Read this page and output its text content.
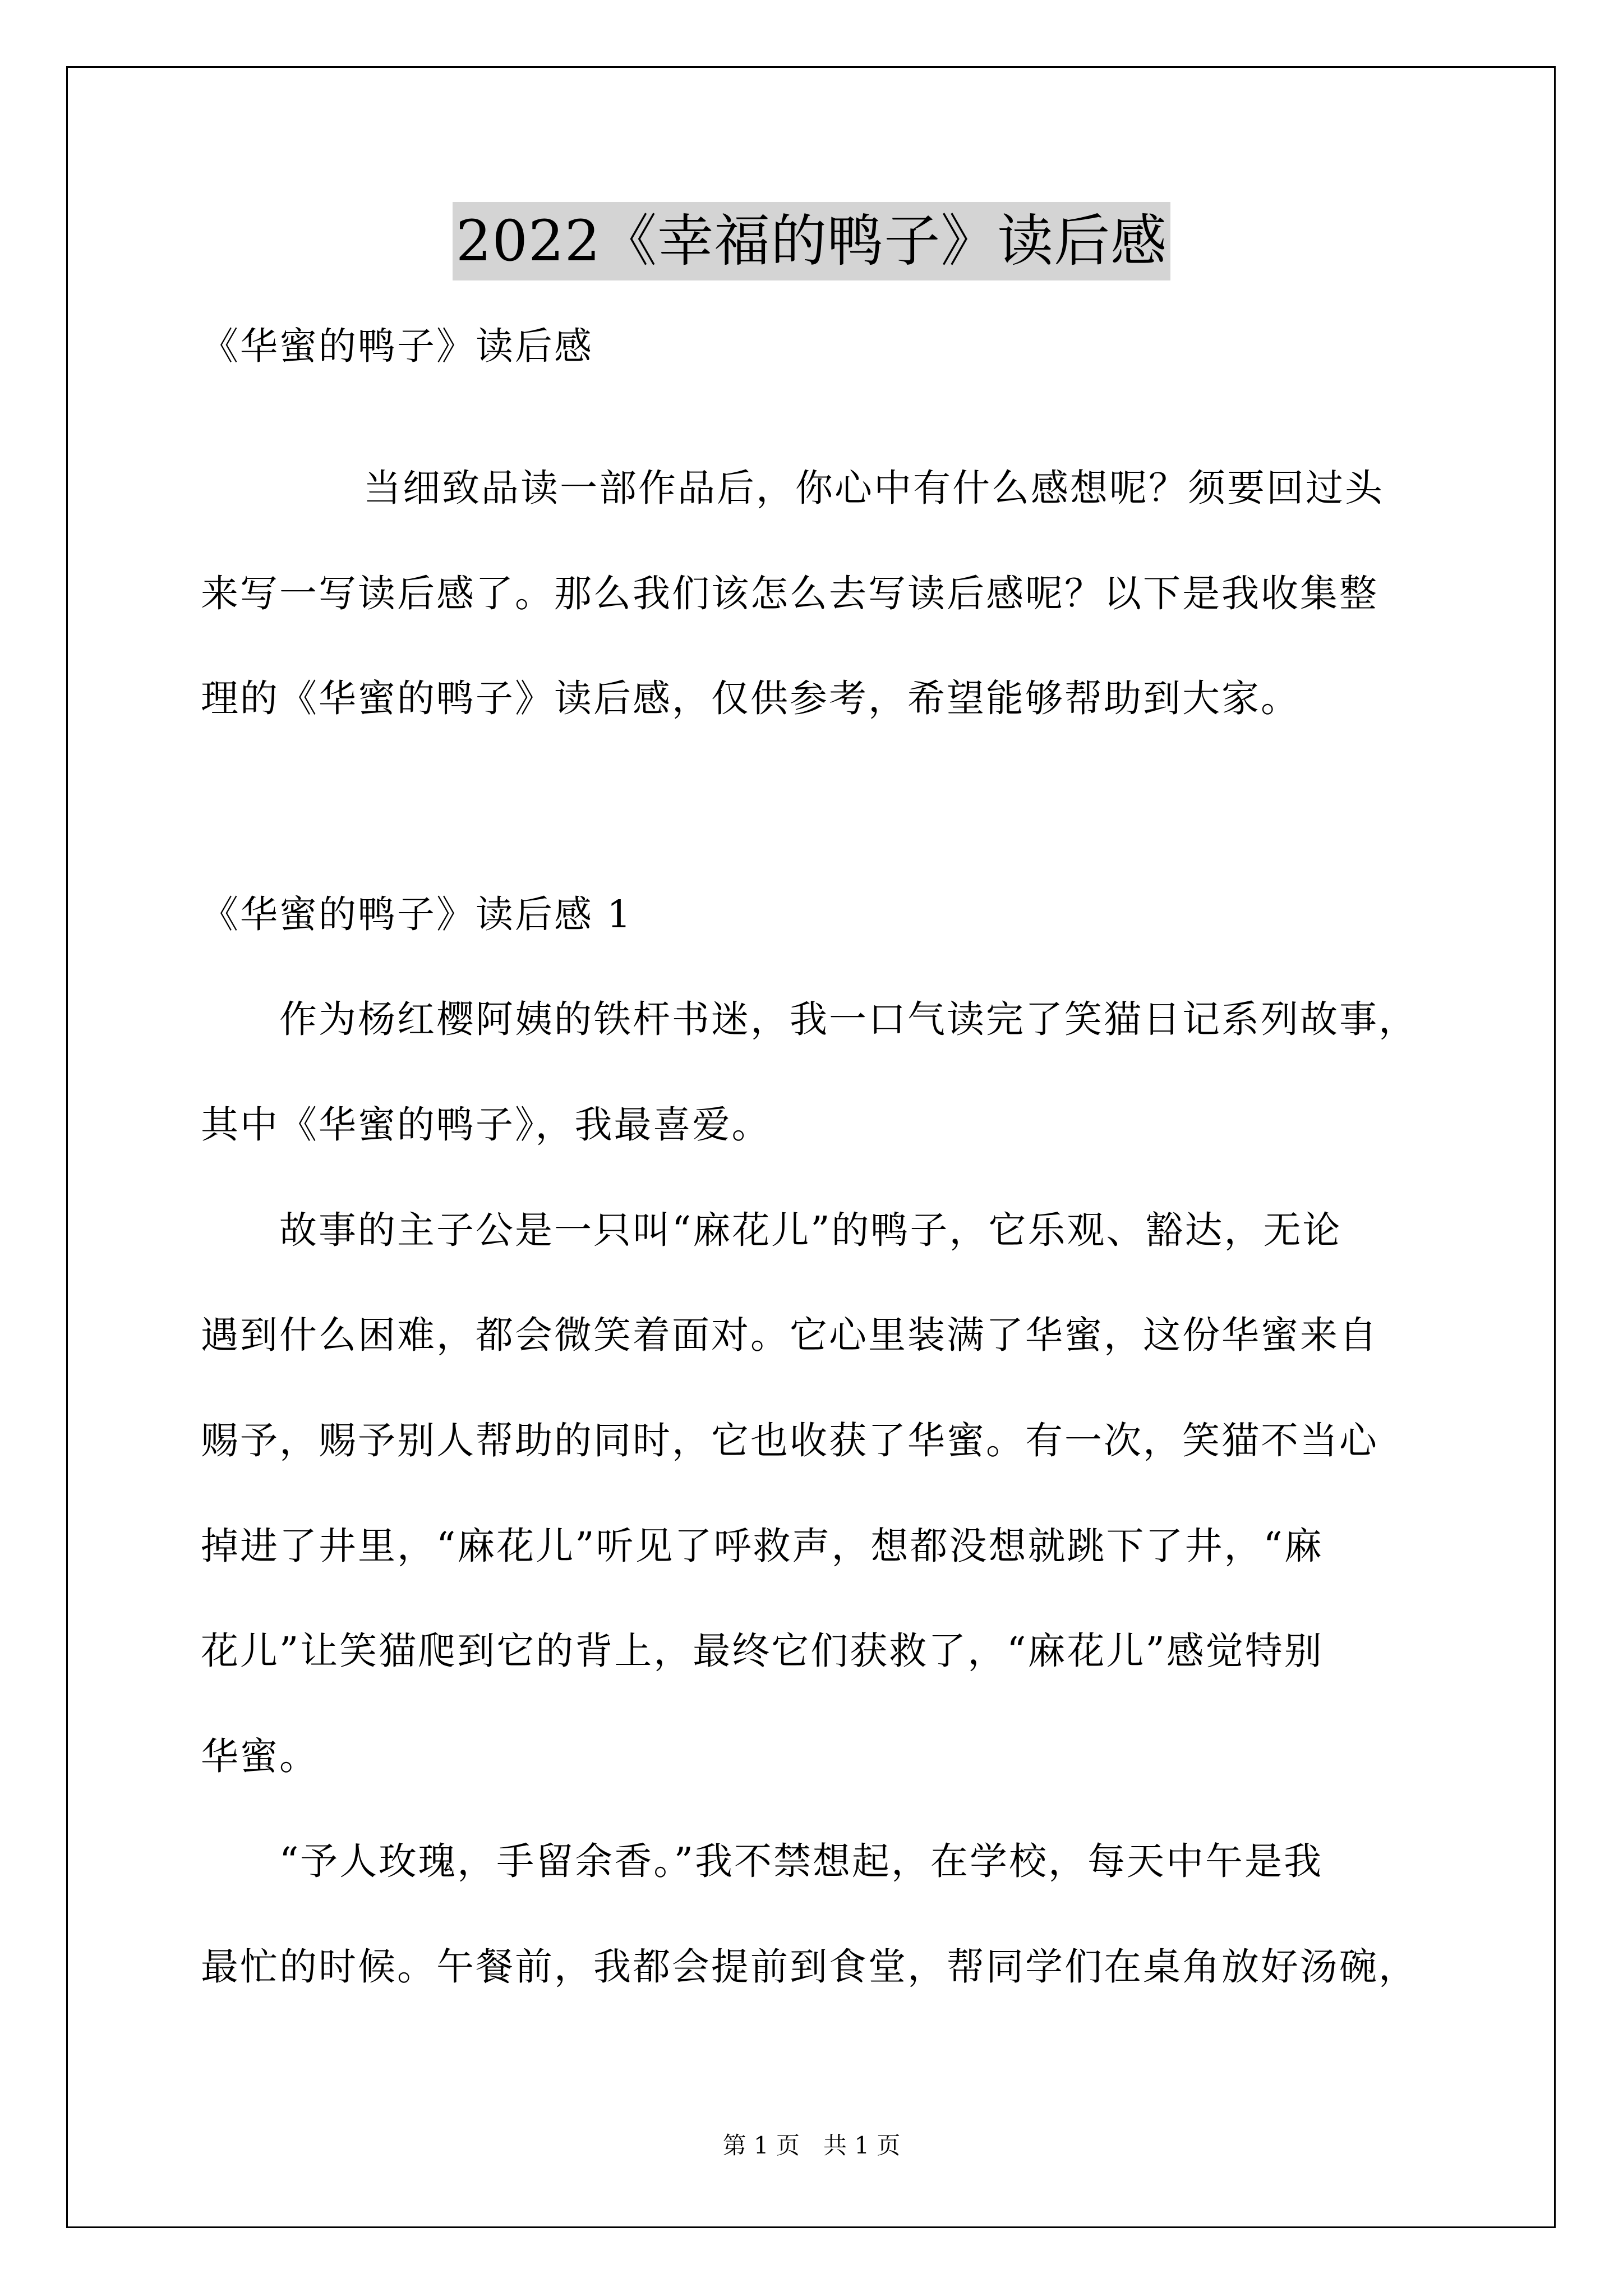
2022《幸福的鸭子》读后感
《华蜜的鸭子》读后感
当细致品读一部作品后，你心中有什么感想呢？须要回过头
来写一写读后感了。那么我们该怎么去写读后感呢？以下是我收集整
理的《华蜜的鸭子》读后感，仅供参考，希望能够帮助到大家。
《华蜜的鸭子》读后感 1
作为杨红樱阿姨的铁杆书迷，我一口气读完了笑猫日记系列故事，
其中《华蜜的鸭子》，我最喜爱。
故事的主子公是一只叫“麻花儿”的鸭子，它乐观、豁达，无论
遇到什么困难，都会微笑着面对。它心里装满了华蜜，这份华蜜来自
赐予，赐予别人帮助的同时，它也收获了华蜜。有一次，笑猫不当心
掉进了井里，“麻花儿”听见了呼救声，想都没想就跳下了井，“麻
花儿”让笑猫爬到它的背上，最终它们获救了，“麻花儿”感觉特别
华蜜。
“予人玫瑰，手留余香。”我不禁想起，在学校，每天中午是我
最忙的时候。午餐前，我都会提前到食堂，帮同学们在桌角放好汤碗，
第 1 页　共 1 页
